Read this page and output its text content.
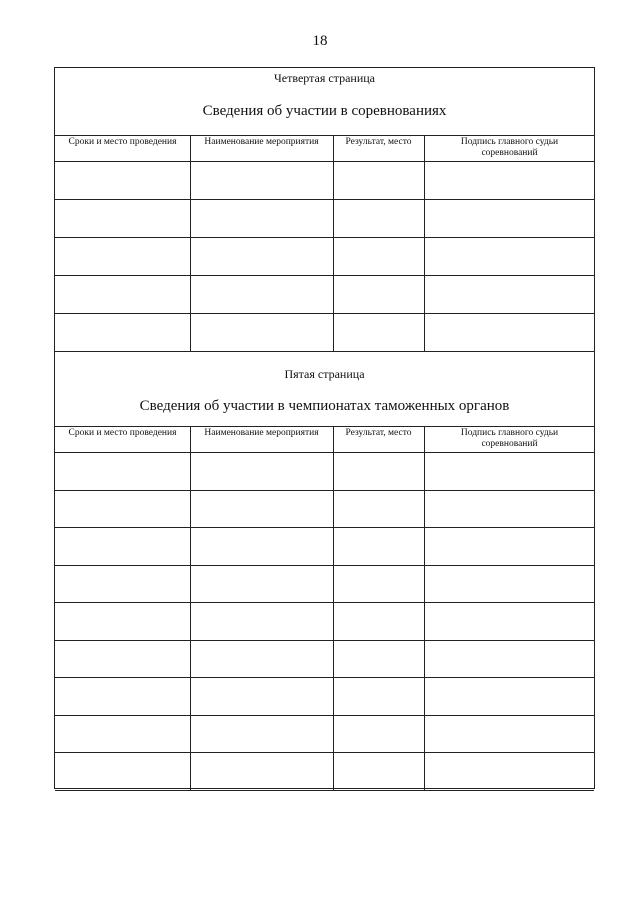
18
Четвертая страница
Сведения об участии в соревнованиях
Сроки и место проведения	Наименование мероприятия	Результат, место	Подпись главного судьи
соревнований
Пятая страница
Сведения об участии в чемпионатах таможенных органов
Сроки и место проведения	Наименование мероприятия	Результат, место	Подпись главного судьи
соревнований
